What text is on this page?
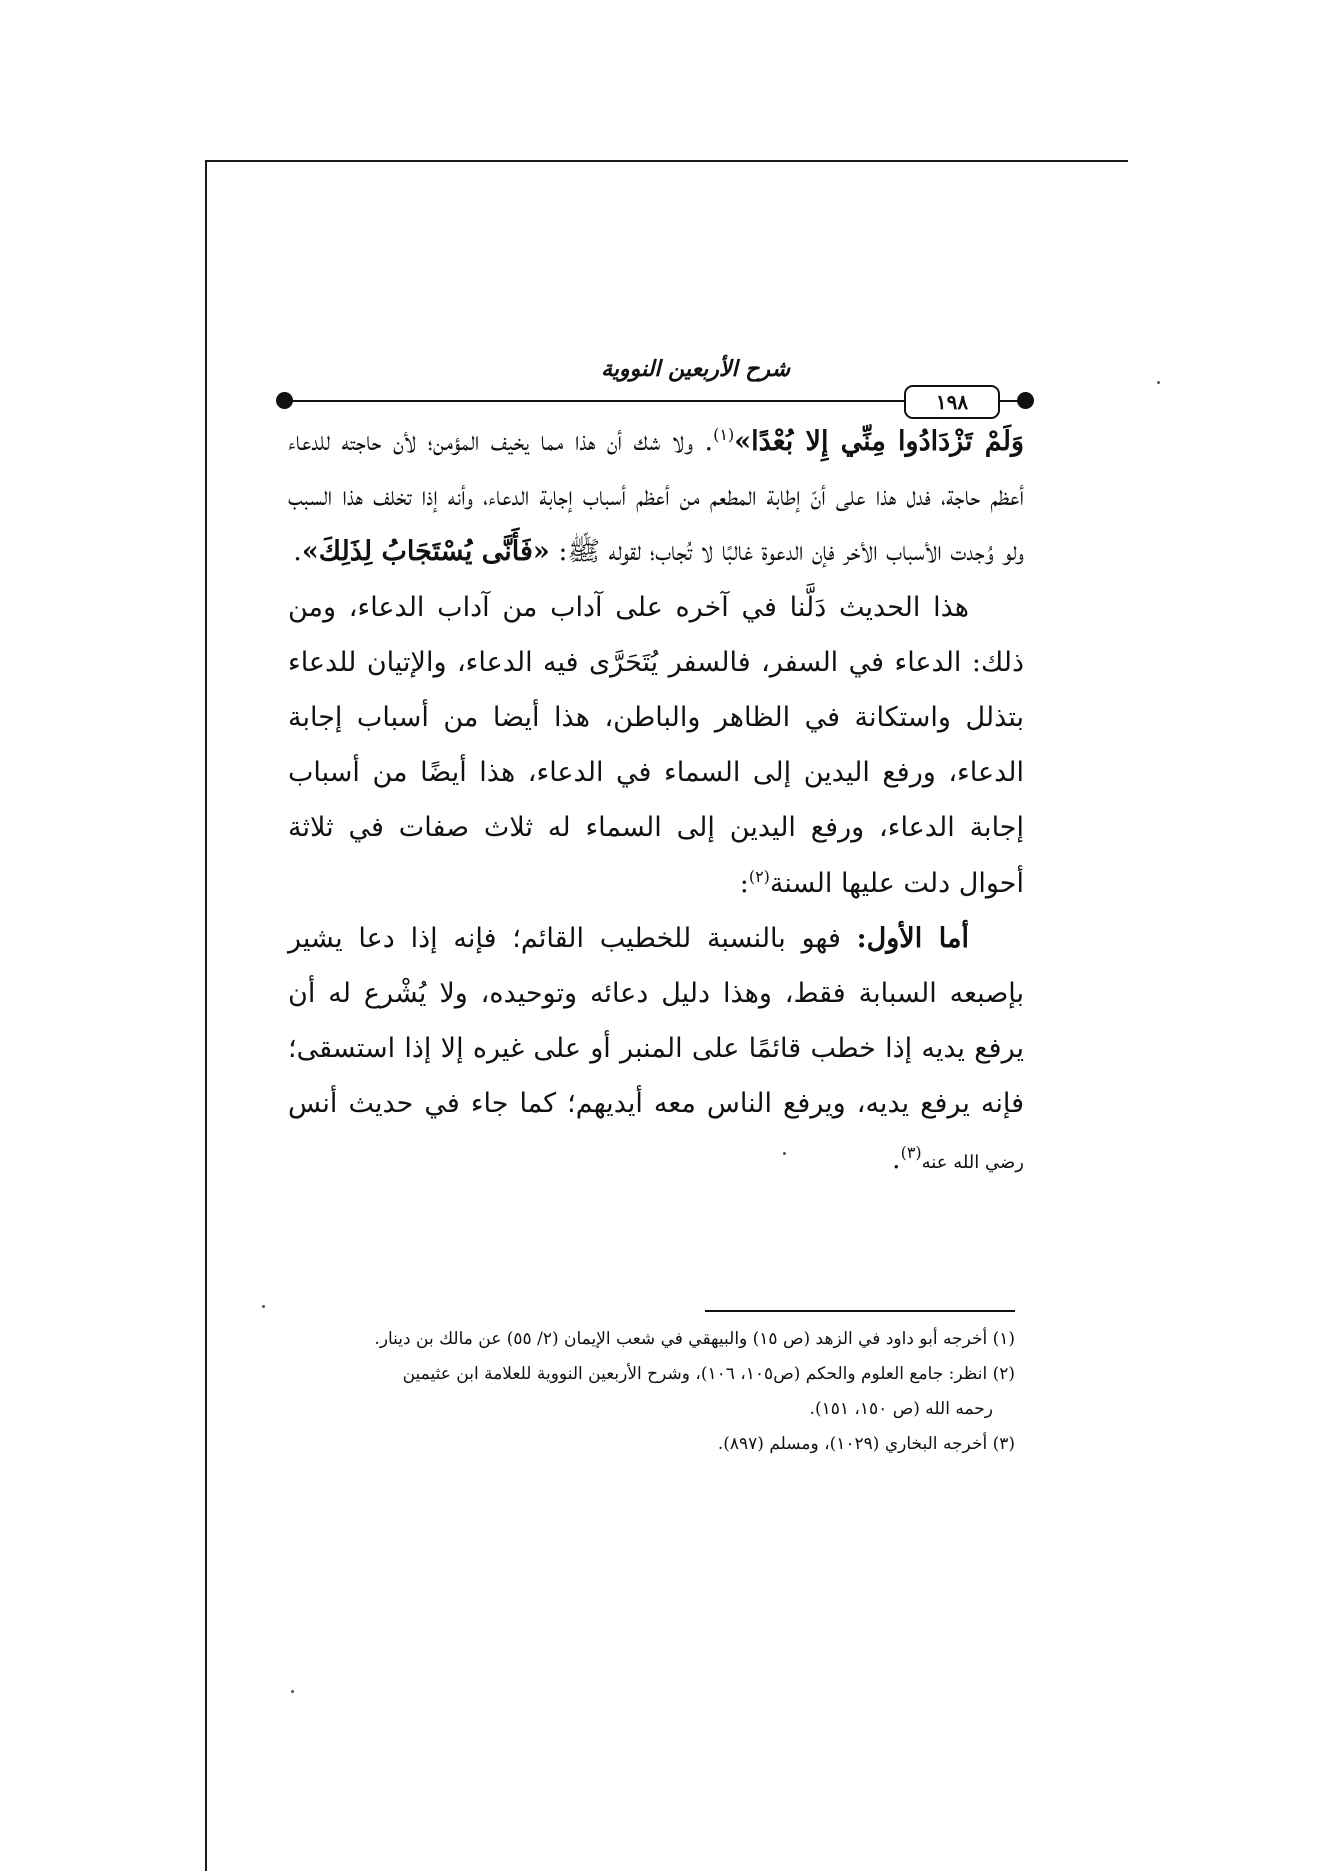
شرح الأربعين النووية
١٩٨

وَلَمْ تَزْدَادُوا مِنِّي إِلا بُعْدًا»$^{(١)}$. ولا شك أن هذا مما يخيف المؤمن؛ لأن حاجته للدعاء أعظم حاجة، فدل هذا على أنّ إطابة المطعم من أعظم أسباب إجابة الدعاء، وأنه إذا تخلف هذا السبب ولو وُجدت الأسباب الأخر فإن الدعوة غالبًا لا تُجاب؛ لقوله ﷺ: «فَأَنَّى يُسْتَجَابُ لِذَلِكَ».

هذا الحديث دَلَّنا في آخره على آداب من آداب الدعاء، ومن ذلك: الدعاء في السفر، فالسفر يُتَحَرَّى فيه الدعاء، والإتيان للدعاء بتذلل واستكانة في الظاهر والباطن، هذا أيضا من أسباب إجابة الدعاء، ورفع اليدين إلى السماء في الدعاء، هذا أيضًا من أسباب إجابة الدعاء، ورفع اليدين إلى السماء له ثلاث صفات في ثلاثة أحوال دلت عليها السنة$^{(٢)}$:

أما الأول: فهو بالنسبة للخطيب القائم؛ فإنه إذا دعا يشير بإصبعه السبابة فقط، وهذا دليل دعائه وتوحيده، ولا يُشْرع له أن يرفع يديه إذا خطب قائمًا على المنبر أو على غيره إلا إذا استسقى؛ فإنه يرفع يديه، ويرفع الناس معه أيديهم؛ كما جاء في حديث أنس رضي الله عنه$^{(٣)}$.

(١) أخرجه أبو داود في الزهد (ص ١٥) والبيهقي في شعب الإيمان (٢/ ٥٥) عن مالك بن دينار.

(٢) انظر: جامع العلوم والحكم (ص١٠٥، ١٠٦)، وشرح الأربعين النووية للعلامة ابن عثيمين

رحمه الله (ص ١٥٠، ١٥١).

(٣) أخرجه البخاري (١٠٢٩)، ومسلم (٨٩٧).
